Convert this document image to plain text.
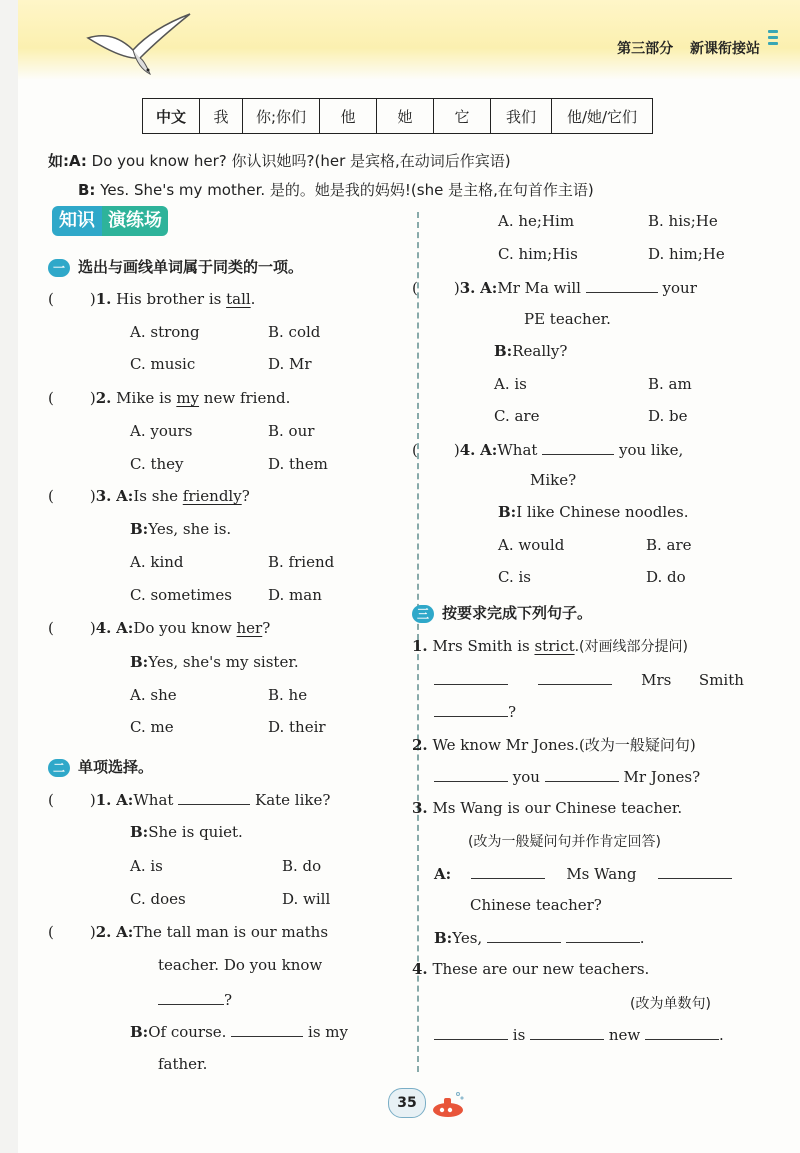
第三部分 新课衔接站
中文	我	你;你们	他	她	它	我们	他/她/它们
如:A: Do you know her? 你认识她吗?(her 是宾格,在动词后作宾语)
B: Yes. She's my mother. 是的。她是我的妈妈!(she 是主格,在句首作主语)
知识 演练场
一 选出与画线单词属于同类的一项。
( )1. His brother is tall.
A. strong	B. cold
C. music	D. Mr
( )2. Mike is my new friend.
A. yours	B. our
C. they	D. them
( )3. A:Is she friendly?
B:Yes, she is.
A. kind	B. friend
C. sometimes D. man
( )4. A:Do you know her?
B:Yes, she's my sister.
A. she	B. he
C. me	D. their
二 单项选择。
( )1. A:What	Kate like?
B:She is quiet.
A. is	B. do
C. does	D. will
( )2. A:The tall man is our maths
teacher. Do you know
?
B:Of course.	is my
father.
A. he;Him	B. his;He
C. him;His	D. him;He
( )3. A:Mr Ma will	your
PE teacher.
B:Really?
A. is	B. am
C. are	D. be
( )4. A:What	you like,
Mike?
B:I like Chinese noodles.
A. would	B. are
C. is	D. do
三 按要求完成下列句子。
1. Mrs Smith is strict.(对画线部分提问)
Mrs Smith
?
2. We know Mr Jones.(改为一般疑问句)
you	Mr Jones?
3. Ms Wang is our Chinese teacher.
(改为一般疑问句并作肯定回答)
A:	Ms Wang
Chinese teacher?
B:Yes,	.
4. These are our new teachers.
(改为单数句)
is	new	.
35
